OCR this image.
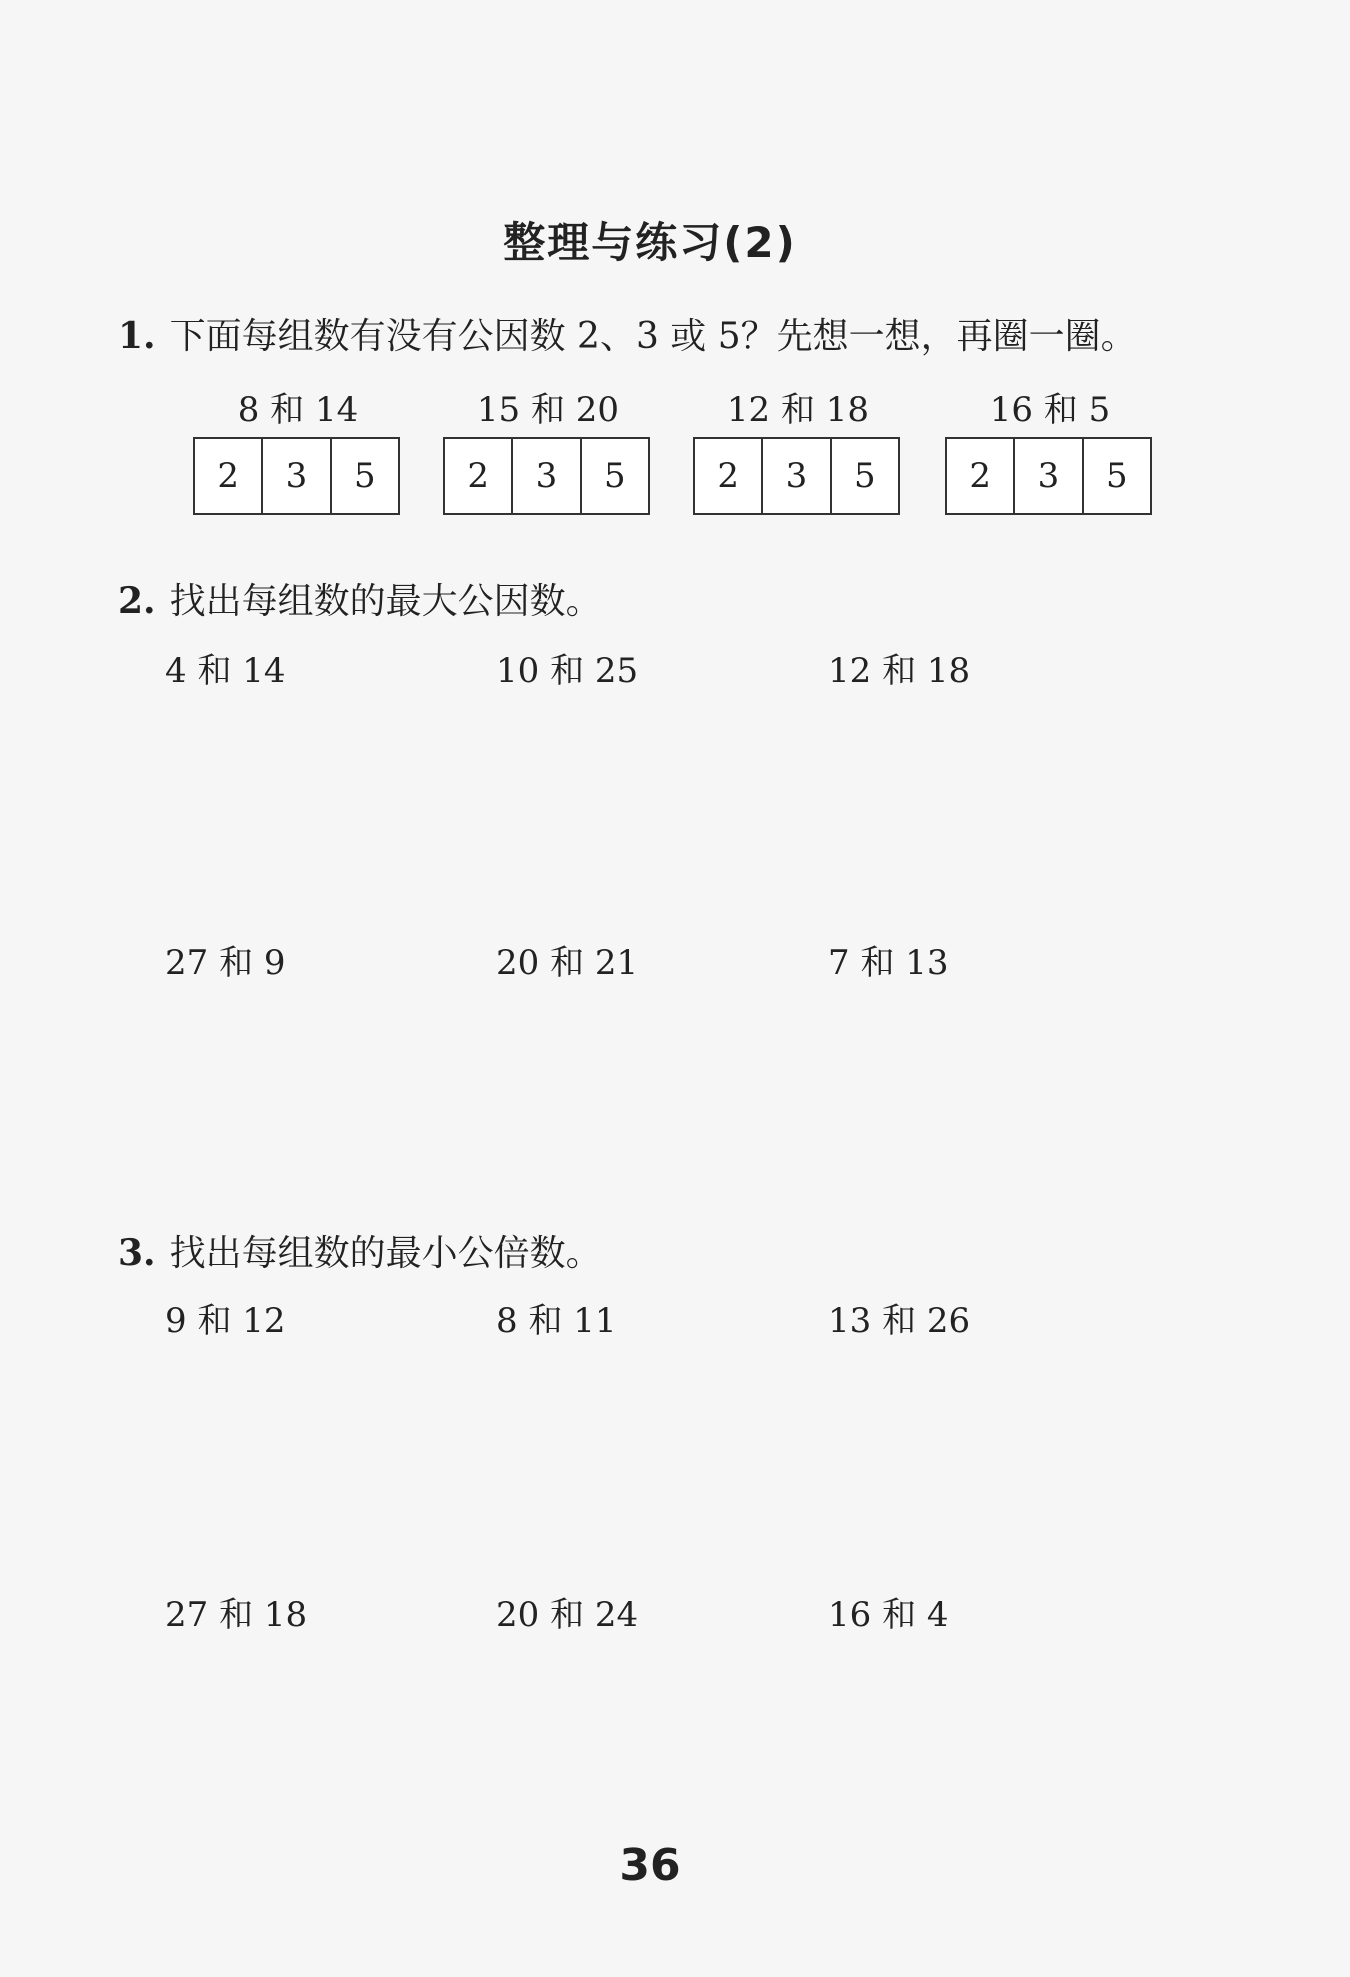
整理与练习(2)
1. 下面每组数有没有公因数 2、3 或 5？先想一想，再圈一圈。
8 和 14	15 和 20	12 和 18	16 和 5
2	3	5	2	3	5	2	3	5	2	3	5
2. 找出每组数的最大公因数。
4 和 14	10 和 25	12 和 18
27 和 9	20 和 21	7 和 13
3. 找出每组数的最小公倍数。
9 和 12	8 和 11	13 和 26
27 和 18	20 和 24	16 和 4
36
